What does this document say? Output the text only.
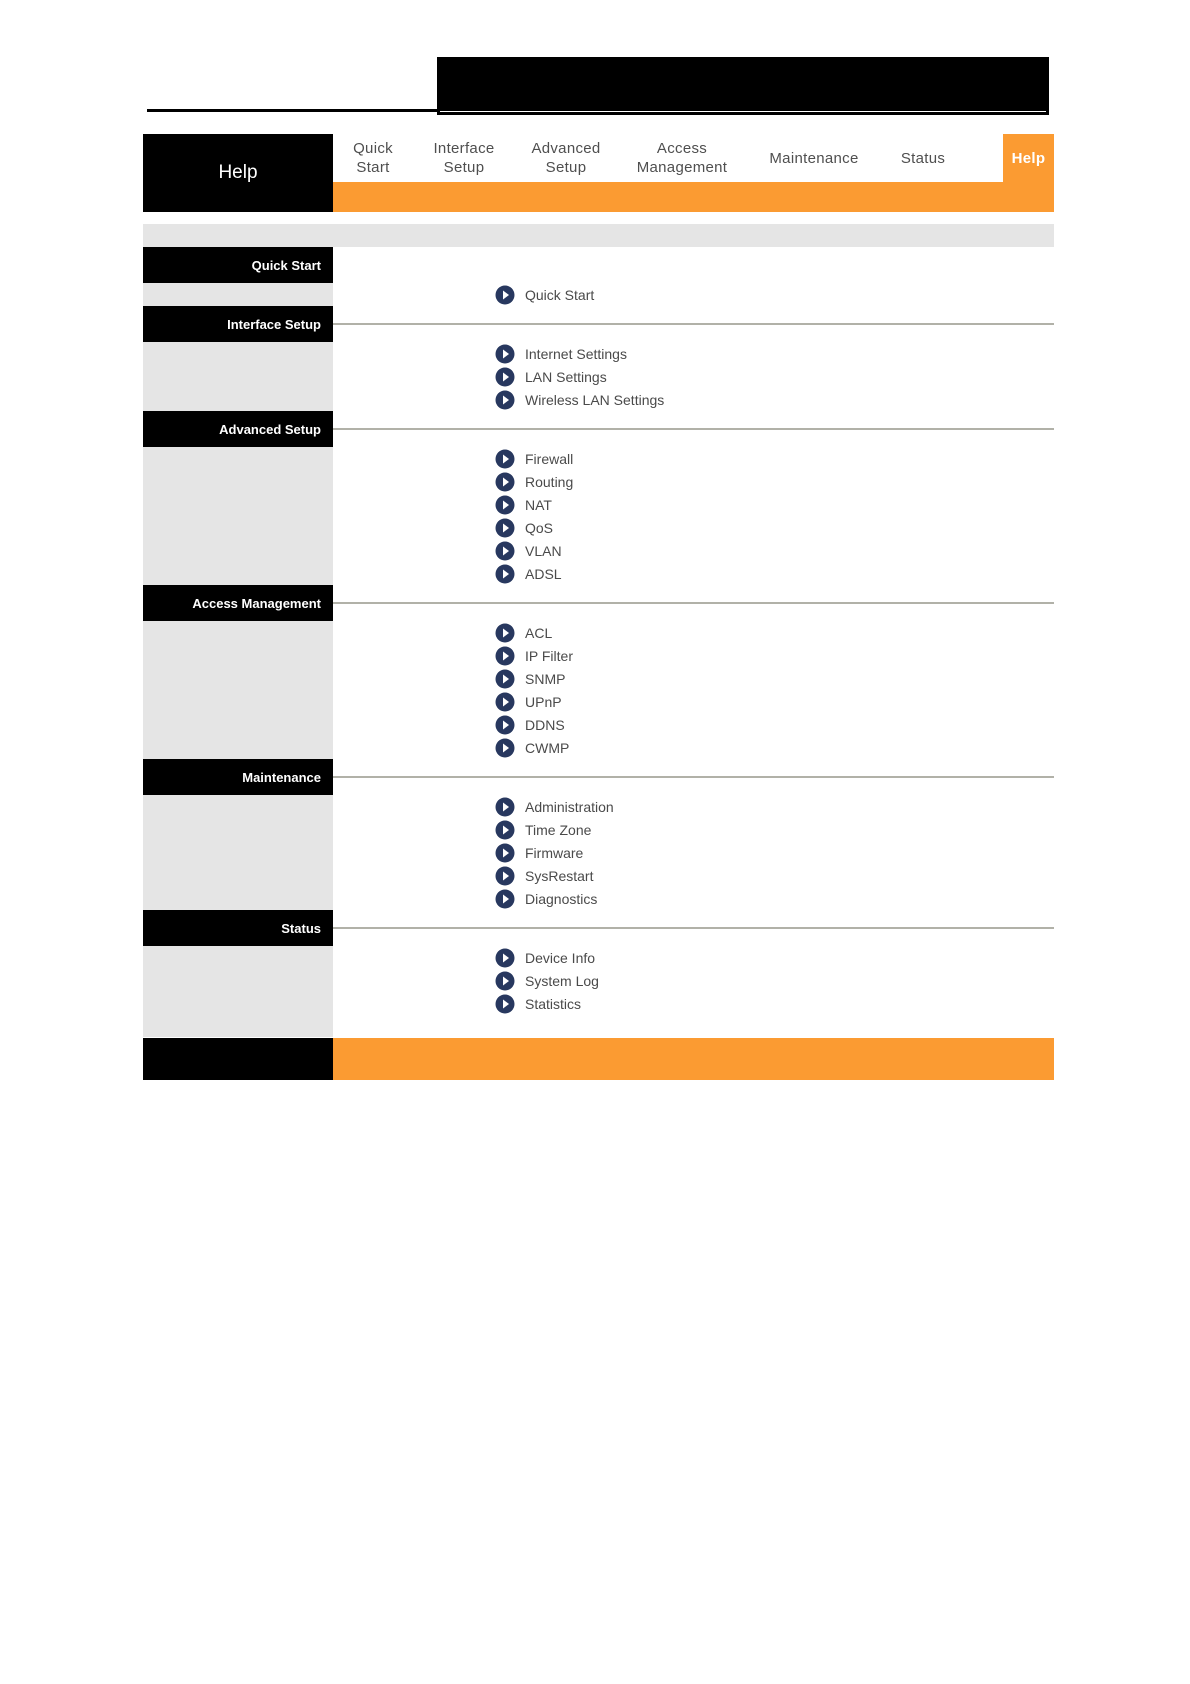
Help
Quick
Start
Interface
Setup
Advanced
Setup
Access
Management
Maintenance	Status	Help
Quick Start
Quick Start
Interface Setup
Internet Settings
LAN Settings
Wireless LAN Settings
Advanced Setup
Firewall
Routing
NAT
QoS
VLAN
ADSL
Access Management
ACL
IP Filter
SNMP
UPnP
DDNS
CWMP
Maintenance
Administration
Time Zone
Firmware
SysRestart
Diagnostics
Status
Device Info
System Log
Statistics
